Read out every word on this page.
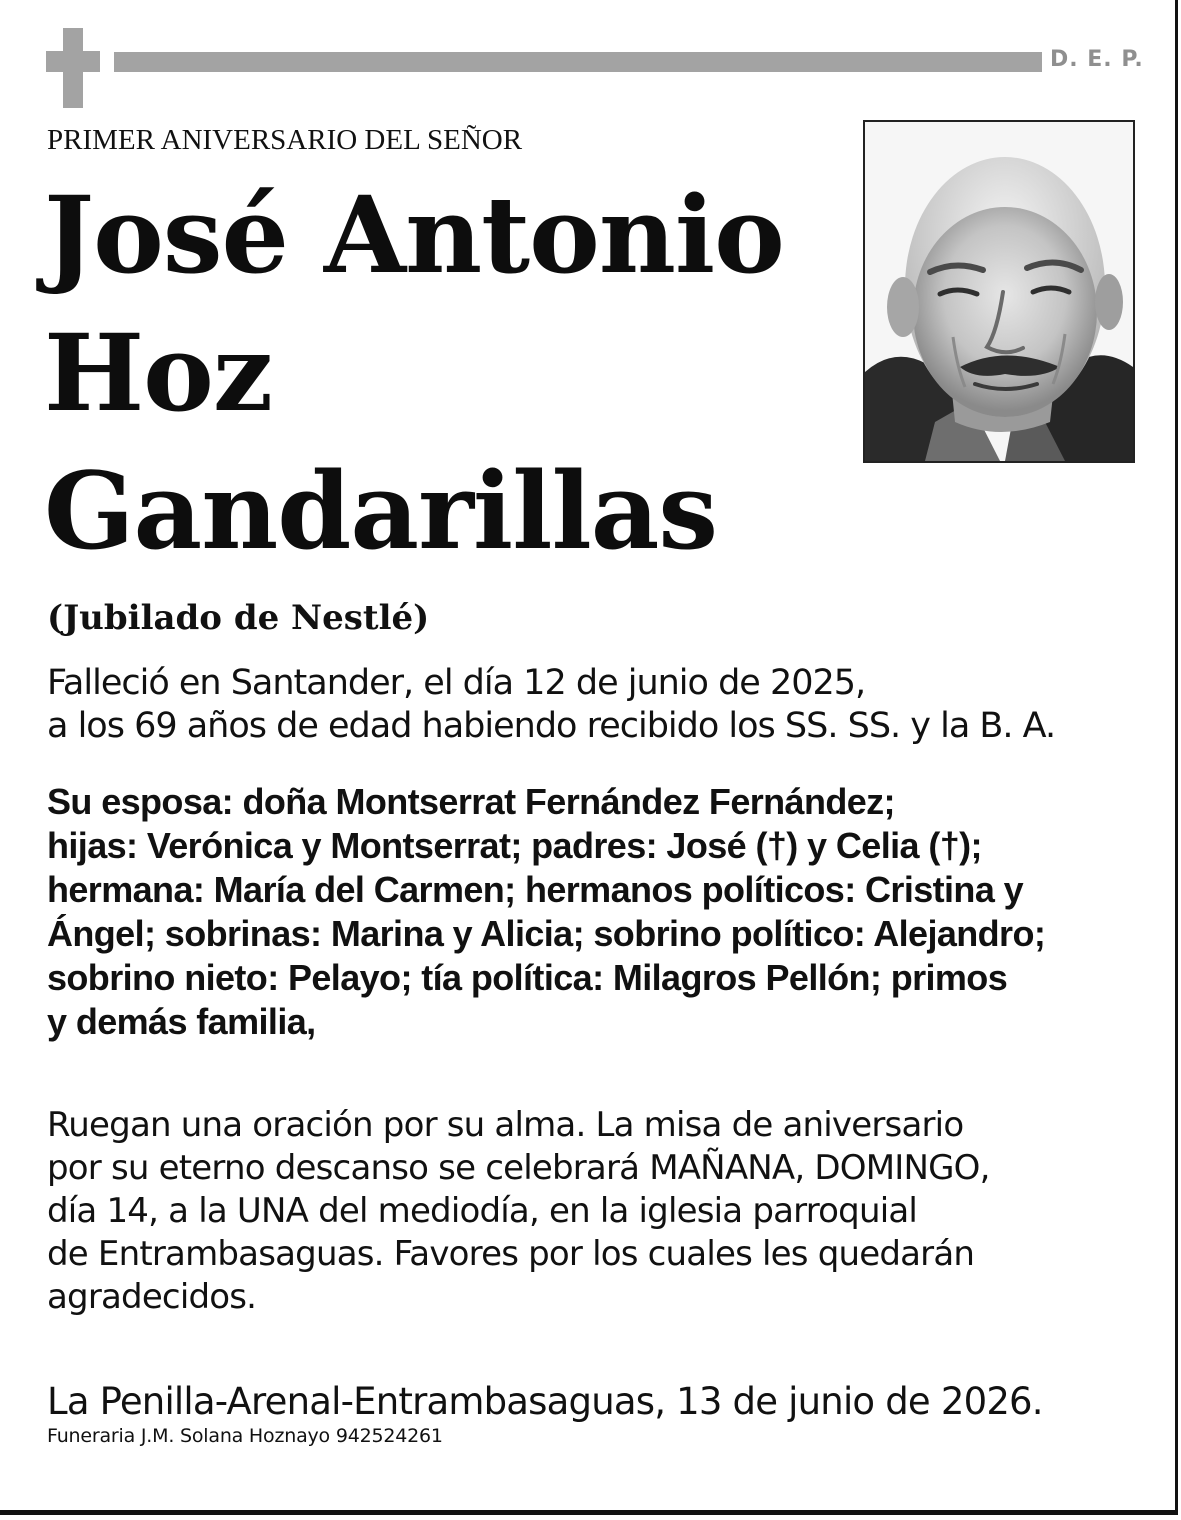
D. E. P.
PRIMER ANIVERSARIO DEL SEÑOR
José Antonio
Hoz
Gandarillas
(Jubilado de Nestlé)
Falleció en Santander, el día 12 de junio de 2025,
a los 69 años de edad habiendo recibido los SS. SS. y la B. A.
Su esposa: doña Montserrat Fernández Fernández;
hijas: Verónica y Montserrat; padres: José (†) y Celia (†);
hermana: María del Carmen; hermanos políticos: Cristina y
Ángel; sobrinas: Marina y Alicia; sobrino político: Alejandro;
sobrino nieto: Pelayo; tía política: Milagros Pellón; primos
y demás familia,
Ruegan una oración por su alma. La misa de aniversario
por su eterno descanso se celebrará MAÑANA, DOMINGO,
día 14, a la UNA del mediodía, en la iglesia parroquial
de Entrambasaguas. Favores por los cuales les quedarán
agradecidos.
La Penilla-Arenal-Entrambasaguas, 13 de junio de 2026.
Funeraria J.M. Solana Hoznayo 942524261
